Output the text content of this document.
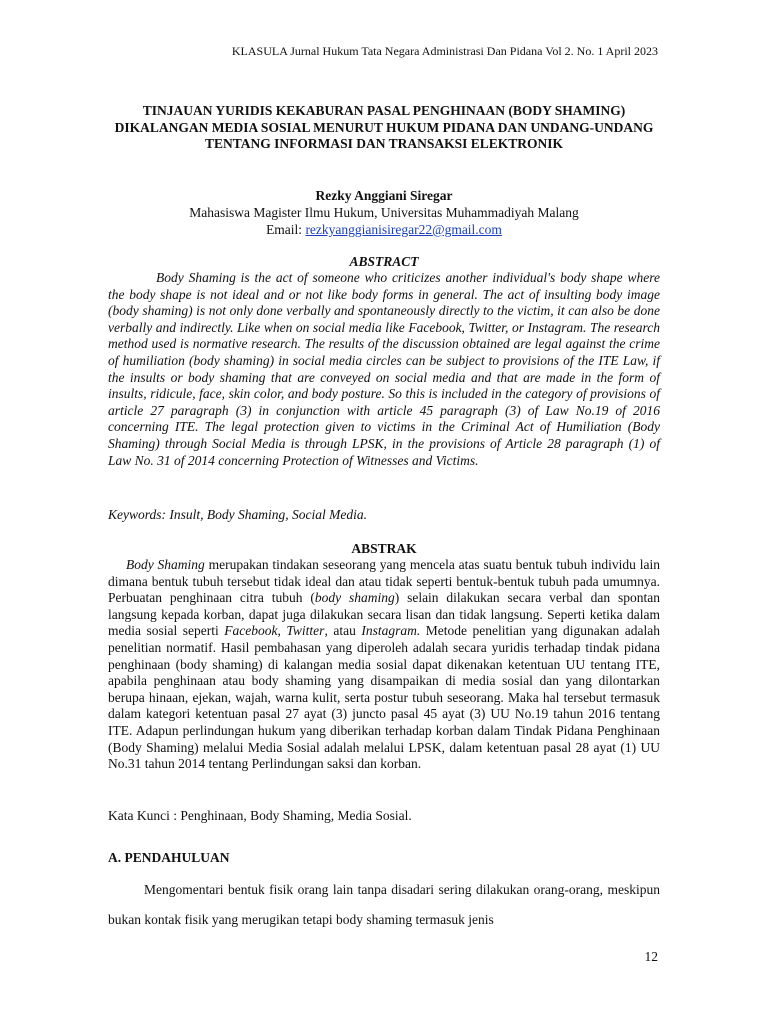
KLASULA Jurnal Hukum Tata Negara Administrasi Dan Pidana Vol 2. No. 1 April 2023
TINJAUAN YURIDIS KEKABURAN PASAL PENGHINAAN (BODY SHAMING) DIKALANGAN MEDIA SOSIAL MENURUT HUKUM PIDANA DAN UNDANG-UNDANG TENTANG INFORMASI DAN TRANSAKSI ELEKTRONIK
Rezky Anggiani Siregar
Mahasiswa Magister Ilmu Hukum, Universitas Muhammadiyah Malang
Email: rezkyanggianisiregar22@gmail.com
ABSTRACT

Body Shaming is the act of someone who criticizes another individual's body shape where the body shape is not ideal and or not like body forms in general. The act of insulting body image (body shaming) is not only done verbally and spontaneously directly to the victim, it can also be done verbally and indirectly. Like when on social media like Facebook, Twitter, or Instagram. The research method used is normative research. The results of the discussion obtained are legal against the crime of humiliation (body shaming) in social media circles can be subject to provisions of the ITE Law, if the insults or body shaming that are conveyed on social media and that are made in the form of insults, ridicule, face, skin color, and body posture. So this is included in the category of provisions of article 27 paragraph (3) in conjunction with article 45 paragraph (3) of Law No.19 of 2016 concerning ITE. The legal protection given to victims in the Criminal Act of Humiliation (Body Shaming) through Social Media is through LPSK, in the provisions of Article 28 paragraph (1) of Law No. 31 of 2014 concerning Protection of Witnesses and Victims.

Keywords: Insult, Body Shaming, Social Media.
ABSTRAK

Body Shaming merupakan tindakan seseorang yang mencela atas suatu bentuk tubuh individu lain dimana bentuk tubuh tersebut tidak ideal dan atau tidak seperti bentuk-bentuk tubuh pada umumnya. Perbuatan penghinaan citra tubuh (body shaming) selain dilakukan secara verbal dan spontan langsung kepada korban, dapat juga dilakukan secara lisan dan tidak langsung. Seperti ketika dalam media sosial seperti Facebook, Twitter, atau Instagram. Metode penelitian yang digunakan adalah penelitian normatif. Hasil pembahasan yang diperoleh adalah secara yuridis terhadap tindak pidana penghinaan (body shaming) di kalangan media sosial dapat dikenakan ketentuan UU tentang ITE, apabila penghinaan atau body shaming yang disampaikan di media sosial dan yang dilontarkan berupa hinaan, ejekan, wajah, warna kulit, serta postur tubuh seseorang. Maka hal tersebut termasuk dalam kategori ketentuan pasal 27 ayat (3) juncto pasal 45 ayat (3) UU No.19 tahun 2016 tentang ITE. Adapun perlindungan hukum yang diberikan terhadap korban dalam Tindak Pidana Penghinaan (Body Shaming) melalui Media Sosial adalah melalui LPSK, dalam ketentuan pasal 28 ayat (1) UU No.31 tahun 2014 tentang Perlindungan saksi dan korban.

Kata Kunci : Penghinaan, Body Shaming, Media Sosial.
A. PENDAHULUAN

Mengomentari bentuk fisik orang lain tanpa disadari sering dilakukan orang-orang, meskipun bukan kontak fisik yang merugikan tetapi body shaming termasuk jenis

12
